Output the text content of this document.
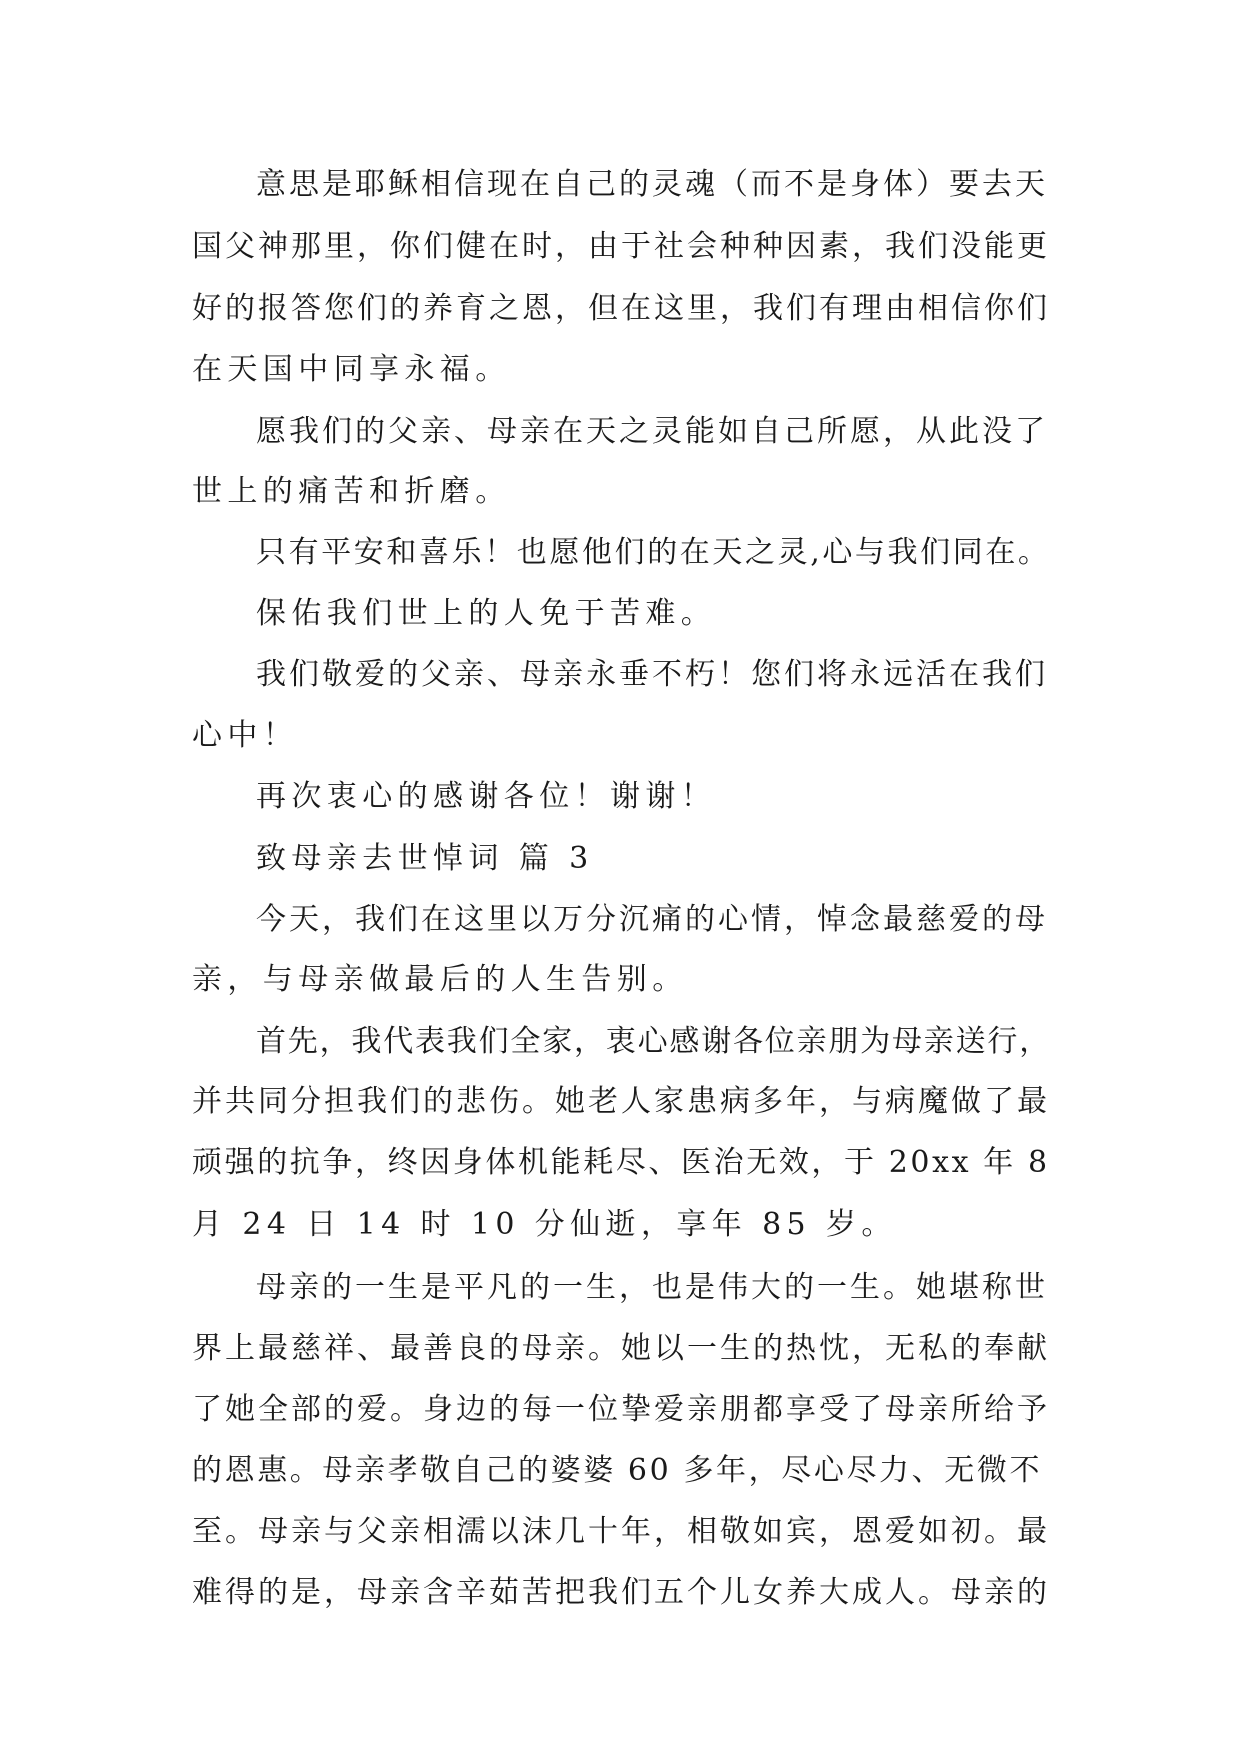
意思是耶稣相信现在自己的灵魂（而不是身体）要去天

国父神那里，你们健在时，由于社会种种因素，我们没能更

好的报答您们的养育之恩，但在这里，我们有理由相信你们

在天国中同享永福。

愿我们的父亲、母亲在天之灵能如自己所愿，从此没了

世上的痛苦和折磨。

只有平安和喜乐！也愿他们的在天之灵,心与我们同在。

保佑我们世上的人免于苦难。

我们敬爱的父亲、母亲永垂不朽！您们将永远活在我们

心中！

再次衷心的感谢各位！谢谢！

致母亲去世悼词 篇 3

今天，我们在这里以万分沉痛的心情，悼念最慈爱的母

亲，与母亲做最后的人生告别。

首先，我代表我们全家，衷心感谢各位亲朋为母亲送行，

并共同分担我们的悲伤。她老人家患病多年，与病魔做了最

顽强的抗争，终因身体机能耗尽、医治无效，于 20xx 年 8

月 24 日 14 时 10 分仙逝，享年 85 岁。

母亲的一生是平凡的一生，也是伟大的一生。她堪称世

界上最慈祥、最善良的母亲。她以一生的热忱，无私的奉献

了她全部的爱。身边的每一位挚爱亲朋都享受了母亲所给予

的恩惠。母亲孝敬自己的婆婆 60 多年，尽心尽力、无微不

至。母亲与父亲相濡以沫几十年，相敬如宾，恩爱如初。最

难得的是，母亲含辛茹苦把我们五个儿女养大成人。母亲的
